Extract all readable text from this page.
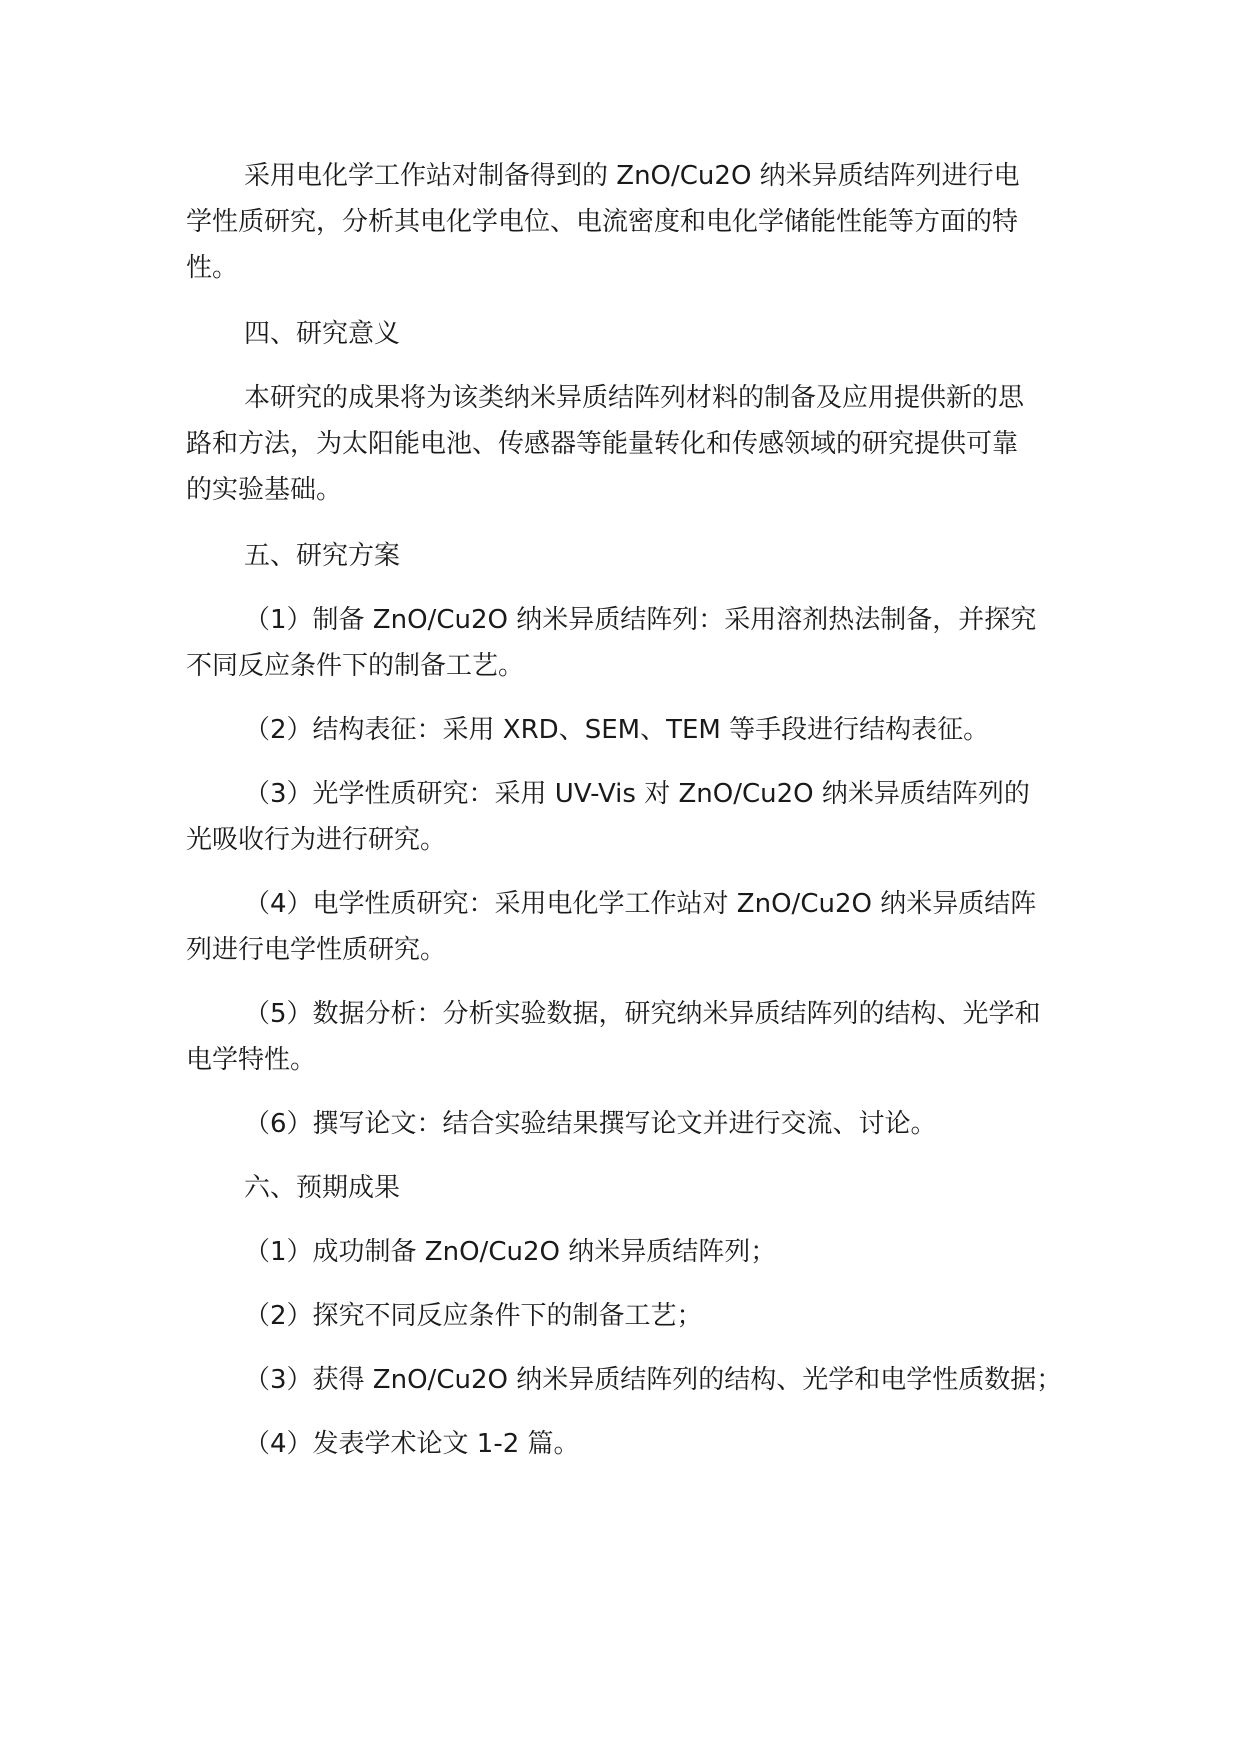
采用电化学工作站对制备得到的 ZnO/Cu2O 纳米异质结阵列进行电学性质研究，分析其电化学电位、电流密度和电化学储能性能等方面的特性。

四、研究意义

本研究的成果将为该类纳米异质结阵列材料的制备及应用提供新的思路和方法，为太阳能电池、传感器等能量转化和传感领域的研究提供可靠的实验基础。

五、研究方案

（1）制备 ZnO/Cu2O 纳米异质结阵列：采用溶剂热法制备，并探究不同反应条件下的制备工艺。

（2）结构表征：采用 XRD、SEM、TEM 等手段进行结构表征。

（3）光学性质研究：采用 UV-Vis 对 ZnO/Cu2O 纳米异质结阵列的光吸收行为进行研究。

（4）电学性质研究：采用电化学工作站对 ZnO/Cu2O 纳米异质结阵列进行电学性质研究。

（5）数据分析：分析实验数据，研究纳米异质结阵列的结构、光学和电学特性。

（6）撰写论文：结合实验结果撰写论文并进行交流、讨论。

六、预期成果

（1）成功制备 ZnO/Cu2O 纳米异质结阵列；

（2）探究不同反应条件下的制备工艺；

（3）获得 ZnO/Cu2O 纳米异质结阵列的结构、光学和电学性质数据；

（4）发表学术论文 1-2 篇。
